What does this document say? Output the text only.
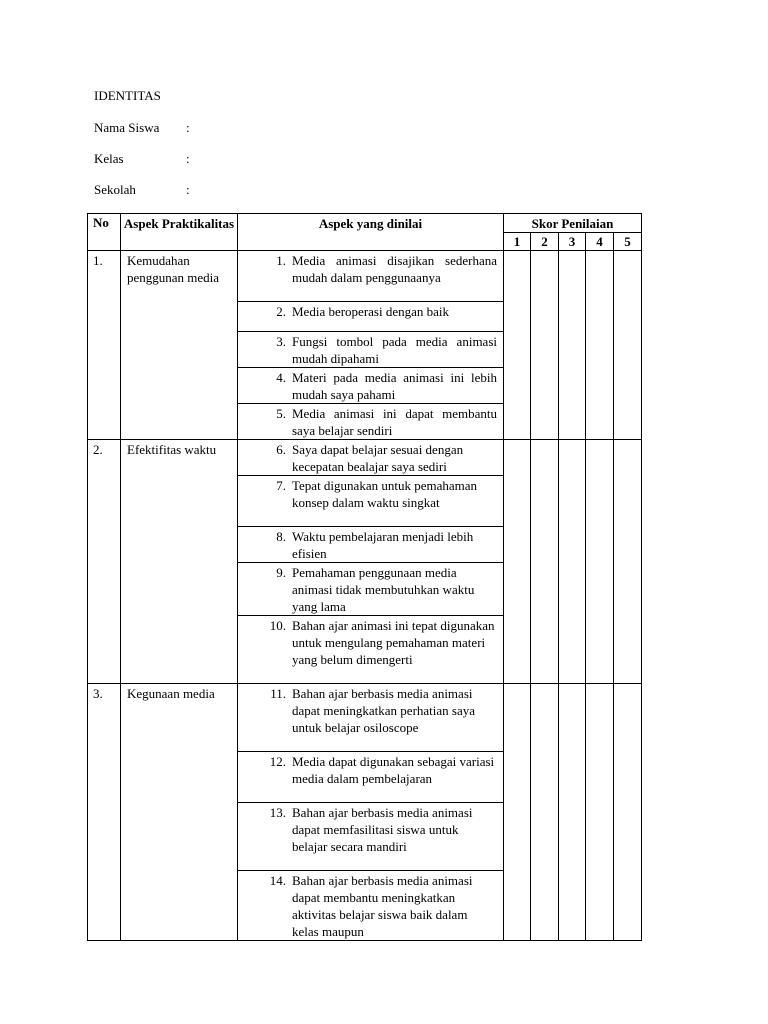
IDENTITAS
Nama Siswa	:
Kelas	:
Sekolah	:
No	Aspek Praktikalitas	Aspek yang dinilai	Skor Penilaian				
			1	2	3	4	5
1.	Kemudahan penggunan media	1. Media animasi disajikan sederhana mudah dalam penggunaanya					

		2. Media beroperasi dengan baik					

		3. Fungsi tombol pada media animasi mudah dipahami					

		4. Materi pada media animasi ini lebih mudah saya pahami					

		5. Media animasi ini dapat membantu saya belajar sendiri					

2.	Efektifitas waktu	6. Saya dapat belajar sesuai dengan kecepatan bealajar saya sediri					

		7. Tepat digunakan untuk pemahaman konsep dalam waktu singkat					

		8. Waktu pembelajaran menjadi lebih efisien					

		9. Pemahaman penggunaan media animasi tidak membutuhkan waktu yang lama					

		10. Bahan ajar animasi ini tepat digunakan untuk mengulang pemahaman materi yang belum dimengerti					

3.	Kegunaan media	11. Bahan ajar berbasis media animasi dapat meningkatkan perhatian saya untuk belajar osiloscope					

		12. Media dapat digunakan sebagai variasi media dalam pembelajaran					

		13. Bahan ajar berbasis media animasi dapat memfasilitasi siswa untuk belajar secara mandiri					

		14. Bahan ajar berbasis media animasi dapat membantu meningkatkan aktivitas belajar siswa baik dalam kelas maupun					
